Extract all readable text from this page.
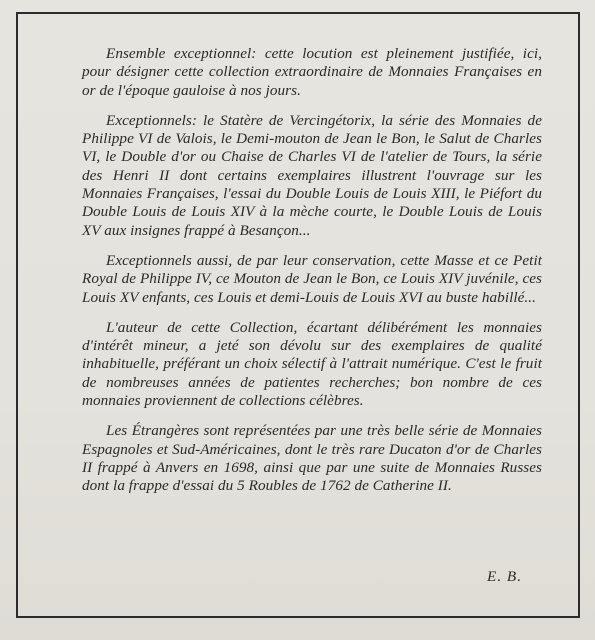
Ensemble exceptionnel: cette locution est pleinement justifiée, ici, pour désigner cette collection extraordinaire de Monnaies Françaises en or de l'époque gauloise à nos jours.

Exceptionnels: le Statère de Vercingétorix, la série des Monnaies de Philippe VI de Valois, le Demi-mouton de Jean le Bon, le Salut de Charles VI, le Double d'or ou Chaise de Charles VI de l'atelier de Tours, la série des Henri II dont certains exemplaires illustrent l'ouvrage sur les Monnaies Françaises, l'essai du Double Louis de Louis XIII, le Piéfort du Double Louis de Louis XIV à la mèche courte, le Double Louis de Louis XV aux insignes frappé à Besançon...

Exceptionnels aussi, de par leur conservation, cette Masse et ce Petit Royal de Philippe IV, ce Mouton de Jean le Bon, ce Louis XIV juvénile, ces Louis XV enfants, ces Louis et demi-Louis de Louis XVI au buste habillé...

L'auteur de cette Collection, écartant délibérément les monnaies d'intérêt mineur, a jeté son dévolu sur des exemplaires de qualité inhabituelle, préférant un choix sélectif à l'attrait numérique. C'est le fruit de nombreuses années de patientes recherches; bon nombre de ces monnaies proviennent de collections célèbres.

Les Étrangères sont représentées par une très belle série de Monnaies Espagnoles et Sud-Américaines, dont le très rare Ducaton d'or de Charles II frappé à Anvers en 1698, ainsi que par une suite de Monnaies Russes dont la frappe d'essai du 5 Roubles de 1762 de Catherine II.

E. B.
